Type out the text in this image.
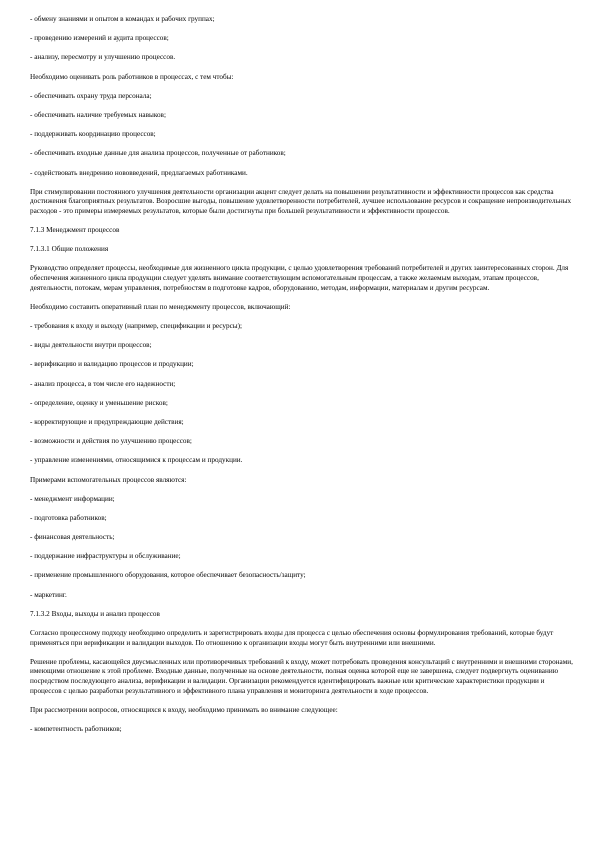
- обмену знаниями и опытом в командах и рабочих группах;

- проведению измерений и аудита процессов;

- анализу, пересмотру и улучшению процессов.

Необходимо оценивать роль работников в процессах, с тем чтобы:

- обеспечивать охрану труда персонала;

- обеспечивать наличие требуемых навыков;

- поддерживать координацию процессов;

- обеспечивать входные данные для анализа процессов, полученные от работников;

- содействовать внедрению нововведений, предлагаемых работниками.

При стимулировании постоянного улучшения деятельности организации акцент следует делать на повышении результативности и эффективности процессов как средства достижения благоприятных результатов. Возросшие выгоды, повышение удовлетворенности потребителей, лучшее использование ресурсов и сокращение непроизводительных расходов - это примеры измеряемых результатов, которые были достигнуты при большей результативности и эффективности процессов.

7.1.3 Менеджмент процессов

7.1.3.1 Общие положения

Руководство определяет процессы, необходимые для жизненного цикла продукции, с целью удовлетворения требований потребителей и других заинтересованных сторон. Для обеспечения жизненного цикла продукции следует уделять внимание соответствующим вспомогательным процессам, а также желаемым выходам, этапам процессов, деятельности, потокам, мерам управления, потребностям в подготовке кадров, оборудованию, методам, информации, материалам и другим ресурсам.

Необходимо составить оперативный план по менеджменту процессов, включающий:

- требования к входу и выходу (например, спецификации и ресурсы);

- виды деятельности внутри процессов;

- верификацию и валидацию процессов и продукции;

- анализ процесса, в том числе его надежности;

- определение, оценку и уменьшение рисков;

- корректирующие и предупреждающие действия;

- возможности и действия по улучшению процессов;

- управление изменениями, относящимися к процессам и продукции.

Примерами вспомогательных процессов являются:

- менеджмент информации;

- подготовка работников;

- финансовая деятельность;

- поддержание инфраструктуры и обслуживание;

- применение промышленного оборудования, которое обеспечивает безопасность/защиту;

- маркетинг.

7.1.3.2 Входы, выходы и анализ процессов

Согласно процессному подходу необходимо определить и зарегистрировать входы для процесса с целью обеспечения основы формулирования требований, которые будут применяться при верификации и валидации выходов. По отношению к организации входы могут быть внутренними или внешними.

Решение проблемы, касающейся двусмысленных или противоречивых требований к входу, может потребовать проведения консультаций с внутренними и внешними сторонами, имеющими отношение к этой проблеме. Входные данные, полученные на основе деятельности, полная оценка которой еще не завершена, следует подвергнуть оцениванию посредством последующего анализа, верификации и валидации. Организации рекомендуется идентифицировать важные или критические характеристики продукции и процессов с целью разработки результативного и эффективного плана управления и мониторинга деятельности в ходе процессов.

При рассмотрении вопросов, относящихся к входу, необходимо принимать во внимание следующее:

- компетентность работников;
